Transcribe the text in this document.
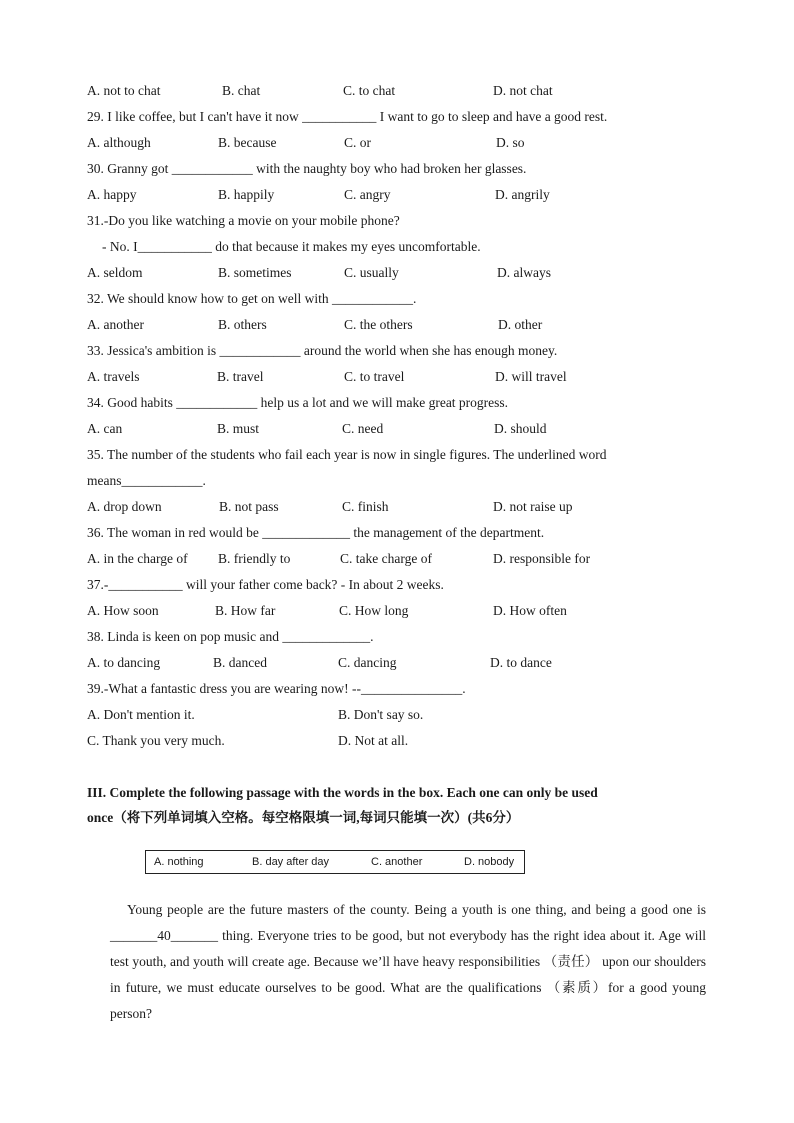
A. not to chat	B. chat	C. to chat	D. not chat
29. I like coffee, but I can't have it now ___________ I want to go to sleep and have a good rest.
A. although	B. because	C. or	D. so
30. Granny got ____________ with the naughty boy who had broken her glasses.
A. happy	B. happily	C. angry	D. angrily
31.-Do you like watching a movie on your mobile phone?
- No. I___________ do that because it makes my eyes uncomfortable.
A. seldom	B. sometimes	C. usually	D. always
32. We should know how to get on well with ____________.
A. another	B. others	C. the others	D. other
33. Jessica's ambition is ____________ around the world when she has enough money.
A. travels	B. travel	C. to travel	D. will travel
34. Good habits ____________ help us a lot and we will make great progress.
A. can	B. must	C. need	D. should
35. The number of the students who fail each year is now in single figures. The underlined word
means____________.
A. drop down	B. not pass	C. finish	D. not raise up
36. The woman in red would be _____________ the management of the department.
A. in the charge of B. friendly to	C. take charge of	D. responsible for
37.-___________ will your father come back? - In about 2 weeks.
A. How soon	B. How far	C. How long	D. How often
38. Linda is keen on pop music and _____________.
A. to dancing	B. danced	C. dancing	D. to dance
39.-What a fantastic dress you are wearing now! --_______________.
A. Don't mention it.	B. Don't say so.
C. Thank you very much.	D. Not at all.
III. Complete the following passage with the words in the box. Each one can only be used
once（将下列单词填入空格。每空格限填一词,每词只能填一次）(共6分）
A. nothing	B. day after day	C. another	D. nobody
Young people are the future masters of the county. Being a youth is one thing, and being a good one is _______40_______ thing. Everyone tries to be good, but not everybody has the right idea about it. Age will test youth, and youth will create age. Because we’ll have heavy responsibilities （责任） upon our shoulders in future, we must educate ourselves to be good. What are the qualifications （素质）for a good young person?
